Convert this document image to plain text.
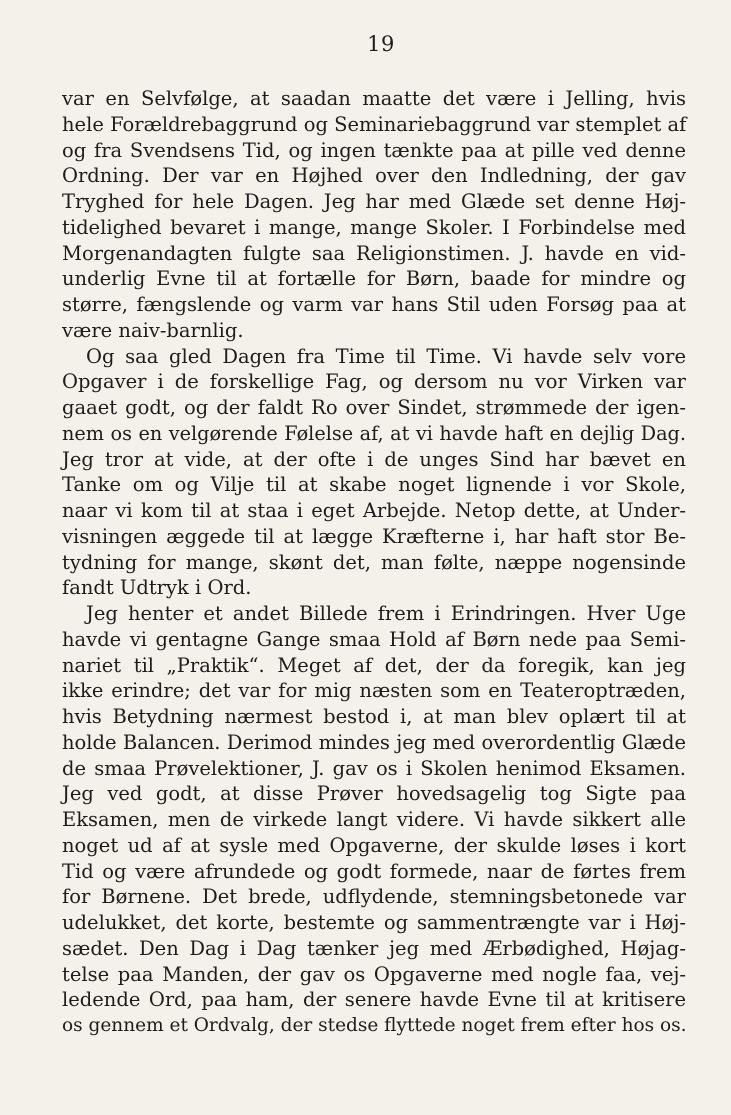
19
var en Selvfølge, at saadan maatte det være i Jelling, hvis
hele Forældrebaggrund og Seminariebaggrund var stemplet af
og fra Svendsens Tid, og ingen tænkte paa at pille ved denne
Ordning. Der var en Højhed over den Indledning, der gav
Tryghed for hele Dagen. Jeg har med Glæde set denne Høj-
tidelighed bevaret i mange, mange Skoler. I Forbindelse med
Morgenandagten fulgte saa Religionstimen. J. havde en vid-
underlig Evne til at fortælle for Børn, baade for mindre og
større, fængslende og varm var hans Stil uden Forsøg paa at
være naiv-barnlig.
Og saa gled Dagen fra Time til Time. Vi havde selv vore
Opgaver i de forskellige Fag, og dersom nu vor Virken var
gaaet godt, og der faldt Ro over Sindet, strømmede der igen-
nem os en velgørende Følelse af, at vi havde haft en dejlig Dag.
Jeg tror at vide, at der ofte i de unges Sind har bævet en
Tanke om og Vilje til at skabe noget lignende i vor Skole,
naar vi kom til at staa i eget Arbejde. Netop dette, at Under-
visningen æggede til at lægge Kræfterne i, har haft stor Be-
tydning for mange, skønt det, man følte, næppe nogensinde
fandt Udtryk i Ord.
Jeg henter et andet Billede frem i Erindringen. Hver Uge
havde vi gentagne Gange smaa Hold af Børn nede paa Semi-
nariet til „Praktik“. Meget af det, der da foregik, kan jeg
ikke erindre; det var for mig næsten som en Teateroptræden,
hvis Betydning nærmest bestod i, at man blev oplært til at
holde Balancen. Derimod mindes jeg med overordentlig Glæde
de smaa Prøvelektioner, J. gav os i Skolen henimod Eksamen.
Jeg ved godt, at disse Prøver hovedsagelig tog Sigte paa
Eksamen, men de virkede langt videre. Vi havde sikkert alle
noget ud af at sysle med Opgaverne, der skulde løses i kort
Tid og være afrundede og godt formede, naar de førtes frem
for Børnene. Det brede, udflydende, stemningsbetonede var
udelukket, det korte, bestemte og sammentrængte var i Høj-
sædet. Den Dag i Dag tænker jeg med Ærbødighed, Højag-
telse paa Manden, der gav os Opgaverne med nogle faa, vej-
ledende Ord, paa ham, der senere havde Evne til at kritisere
os gennem et Ordvalg, der stedse flyttede noget frem efter hos os.
